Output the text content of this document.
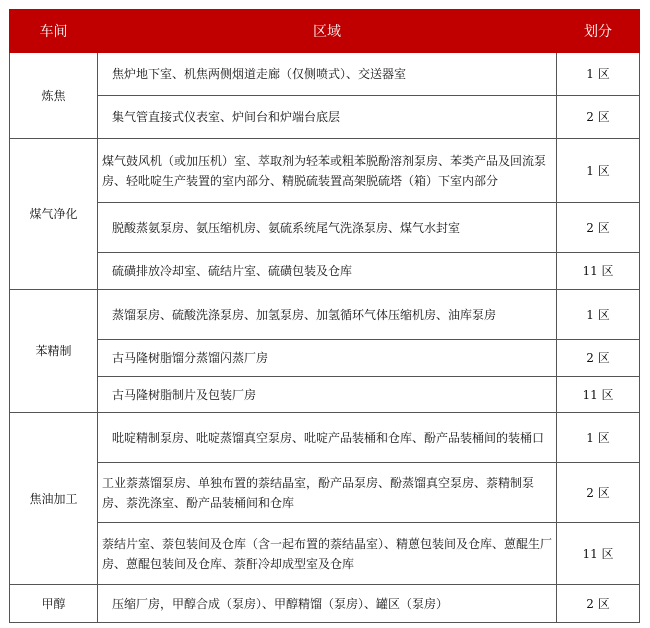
车间	区域	划分
炼焦	焦炉地下室、机焦两侧烟道走廊（仅侧喷式）、交送器室	1 区
	集气管直接式仪表室、炉间台和炉端台底层	2 区
煤气净化	煤气鼓风机（或加压机）室、萃取剂为轻苯或粗苯脱酚溶剂泵房、苯类产品及回流泵房、轻吡啶生产装置的室内部分、精脱硫装置高架脱硫塔（箱）下室内部分	1 区
	脱酸蒸氨泵房、氨压缩机房、氨硫系统尾气洗涤泵房、煤气水封室	2 区
	硫磺排放冷却室、硫结片室、硫磺包装及仓库	11 区
苯精制	蒸馏泵房、硫酸洗涤泵房、加氢泵房、加氢循环气体压缩机房、油库泵房	1 区
	古马隆树脂馏分蒸馏闪蒸厂房	2 区
	古马隆树脂制片及包装厂房	11 区
焦油加工	吡啶精制泵房、吡啶蒸馏真空泵房、吡啶产品装桶和仓库、酚产品装桶间的装桶口	1 区
	工业萘蒸馏泵房、单独布置的萘结晶室，酚产品泵房、酚蒸馏真空泵房、萘精制泵房、萘洗涤室、酚产品装桶间和仓库	2 区
	萘结片室、萘包装间及仓库（含一起布置的萘结晶室）、精蒽包装间及仓库、蒽醌生厂房、蒽醌包装间及仓库、萘酐冷却成型室及仓库	11 区
甲醇	压缩厂房，甲醇合成（泵房）、甲醇精馏（泵房）、罐区（泵房）	2 区
